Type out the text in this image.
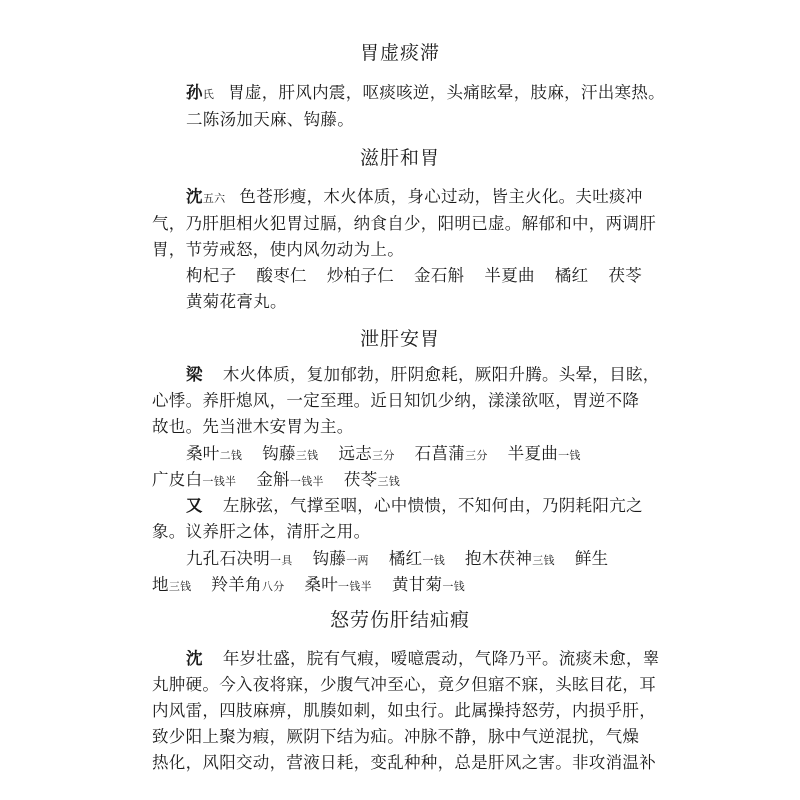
胃虚痰滞
孙氏 胃虚，肝风内震，呕痰咳逆，头痛眩晕，肢麻，汗出寒热。
二陈汤加天麻、钩藤。
滋肝和胃
沈五六 色苍形瘦，木火体质，身心过动，皆主火化。夫吐痰冲
气，乃肝胆相火犯胃过膈，纳食自少，阳明已虚。解郁和中，两调肝
胃，节劳戒怒，使内风勿动为上。
枸杞子 酸枣仁 炒柏子仁 金石斛 半夏曲 橘红 茯苓
黄菊花膏丸。
泄肝安胃
梁 木火体质，复加郁勃，肝阴愈耗，厥阳升腾。头晕，目眩，
心悸。养肝熄风，一定至理。近日知饥少纳，漾漾欲呕，胃逆不降
故也。先当泄木安胃为主。
桑叶二钱 钩藤三钱 远志三分 石菖蒲三分 半夏曲一钱
广皮白一钱半 金斛一钱半 茯苓三钱
又 左脉弦，气撑至咽，心中愦愦，不知何由，乃阴耗阳亢之
象。议养肝之体，清肝之用。
九孔石决明一具 钩藤一两 橘红一钱 抱木茯神三钱 鲜生
地三钱 羚羊角八分 桑叶一钱半 黄甘菊一钱
怒劳伤肝结疝瘕
沈 年岁壮盛，脘有气瘕，嗳噫震动，气降乃平。流痰未愈，睾
丸肿硬。今入夜将寐，少腹气冲至心，竟夕但寤不寐，头眩目花，耳
内风雷，四肢麻痹，肌腠如刺，如虫行。此属操持怒劳，内损乎肝，
致少阳上聚为瘕，厥阴下结为疝。冲脉不静，脉中气逆混扰，气燥
热化，风阳交动，营液日耗，变乱种种，总是肝风之害。非攻消温补
